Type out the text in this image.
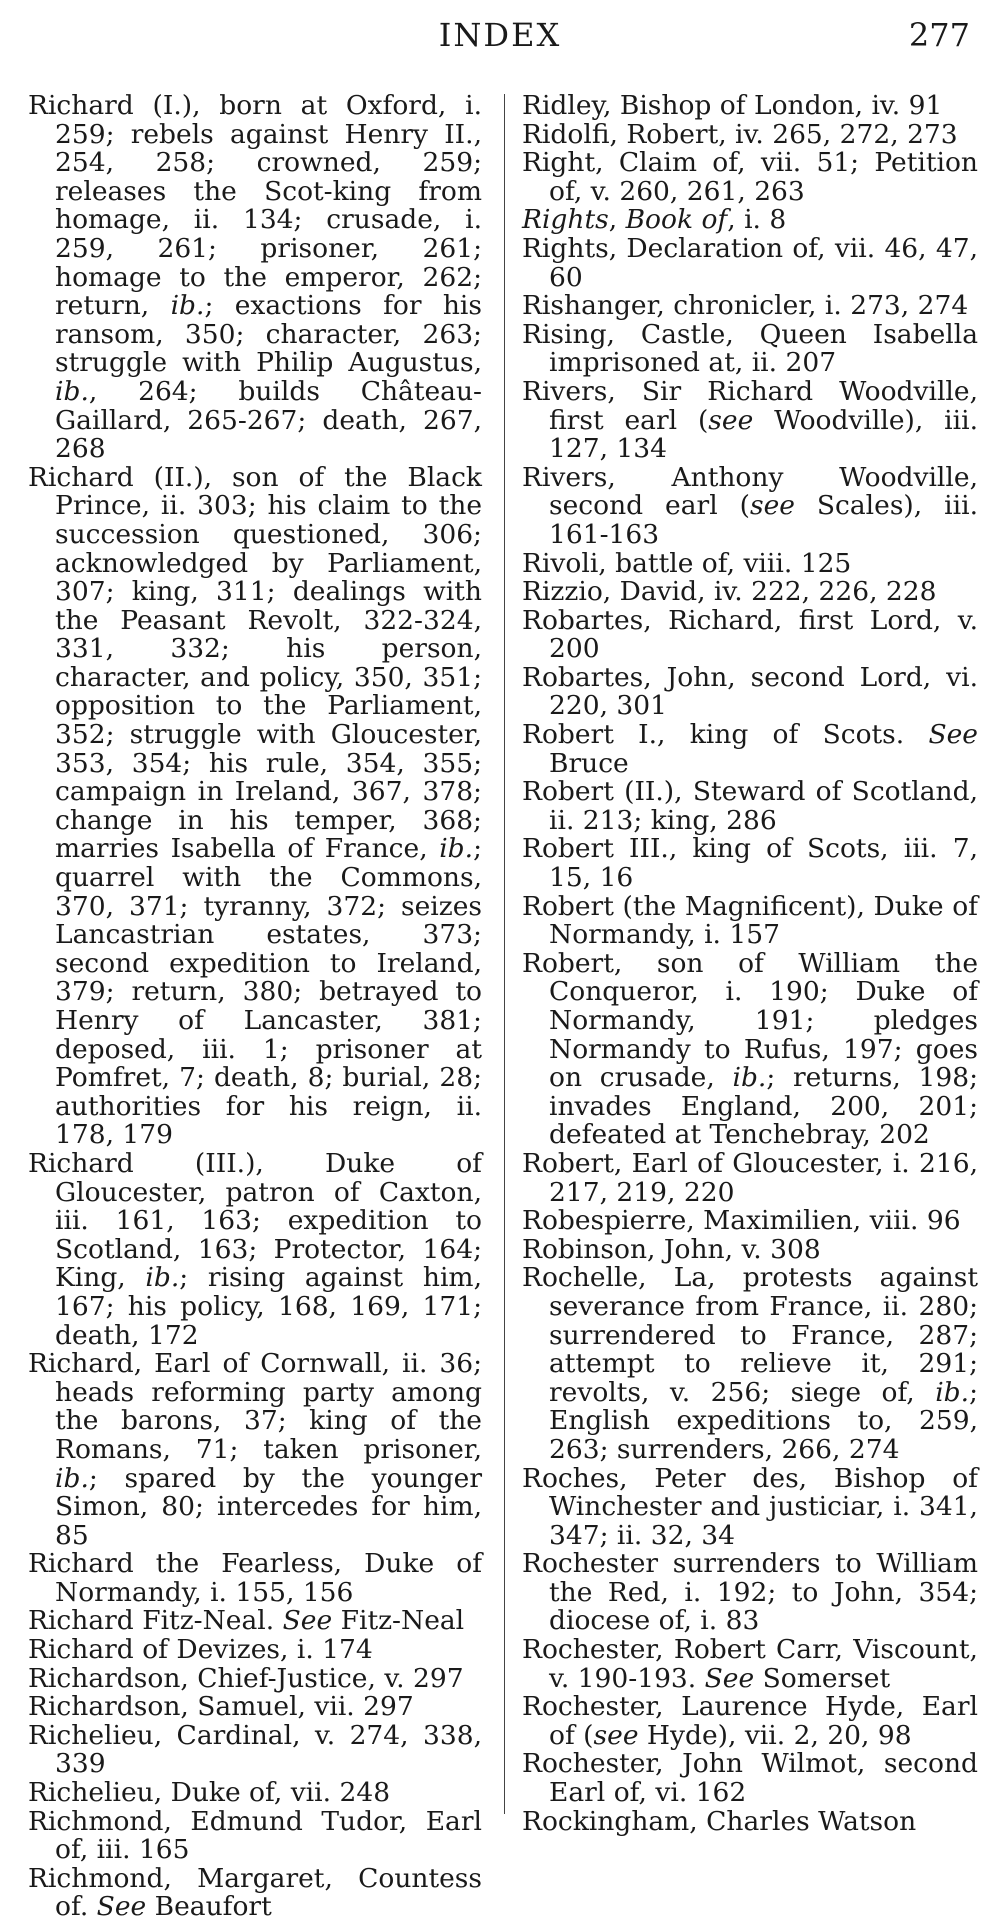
INDEX	277
Richard (I.), born at Oxford, i. 259; rebels against Henry II., 254, 258; crowned, 259; releases the Scot-king from homage, ii. 134; crusade, i. 259, 261; prisoner, 261; homage to the emperor, 262; return, ib.; exactions for his ransom, 350; character, 263; struggle with Philip Augustus, ib., 264; builds Château-Gaillard, 265-267; death, 267, 268
Richard (II.), son of the Black Prince, ii. 303; his claim to the succession questioned, 306; acknowledged by Parliament, 307; king, 311; dealings with the Peasant Revolt, 322-324, 331, 332; his person, character, and policy, 350, 351; opposition to the Parliament, 352; struggle with Gloucester, 353, 354; his rule, 354, 355; campaign in Ireland, 367, 378; change in his temper, 368; marries Isabella of France, ib.; quarrel with the Commons, 370, 371; tyranny, 372; seizes Lancastrian estates, 373; second expedition to Ireland, 379; return, 380; betrayed to Henry of Lancaster, 381; deposed, iii. 1; prisoner at Pomfret, 7; death, 8; burial, 28; authorities for his reign, ii. 178, 179
Richard (III.), Duke of Gloucester, patron of Caxton, iii. 161, 163; expedition to Scotland, 163; Protector, 164; King, ib.; rising against him, 167; his policy, 168, 169, 171; death, 172
Richard, Earl of Cornwall, ii. 36; heads reforming party among the barons, 37; king of the Romans, 71; taken prisoner, ib.; spared by the younger Simon, 80; intercedes for him, 85
Richard the Fearless, Duke of Normandy, i. 155, 156
Richard Fitz-Neal. See Fitz-Neal
Richard of Devizes, i. 174
Richardson, Chief-Justice, v. 297
Richardson, Samuel, vii. 297
Richelieu, Cardinal, v. 274, 338, 339
Richelieu, Duke of, vii. 248
Richmond, Edmund Tudor, Earl of, iii. 165
Richmond, Margaret, Countess of. See Beaufort
Ridley, Bishop of London, iv. 91
Ridolfi, Robert, iv. 265, 272, 273
Right, Claim of, vii. 51; Petition of, v. 260, 261, 263
Rights, Book of, i. 8
Rights, Declaration of, vii. 46, 47, 60
Rishanger, chronicler, i. 273, 274
Rising, Castle, Queen Isabella imprisoned at, ii. 207
Rivers, Sir Richard Woodville, first earl (see Woodville), iii. 127, 134
Rivers, Anthony Woodville, second earl (see Scales), iii. 161-163
Rivoli, battle of, viii. 125
Rizzio, David, iv. 222, 226, 228
Robartes, Richard, first Lord, v. 200
Robartes, John, second Lord, vi. 220, 301
Robert I., king of Scots. See Bruce
Robert (II.), Steward of Scotland, ii. 213; king, 286
Robert III., king of Scots, iii. 7, 15, 16
Robert (the Magnificent), Duke of Normandy, i. 157
Robert, son of William the Conqueror, i. 190; Duke of Normandy, 191; pledges Normandy to Rufus, 197; goes on crusade, ib.; returns, 198; invades England, 200, 201; defeated at Tenchebray, 202
Robert, Earl of Gloucester, i. 216, 217, 219, 220
Robespierre, Maximilien, viii. 96
Robinson, John, v. 308
Rochelle, La, protests against severance from France, ii. 280; surrendered to France, 287; attempt to relieve it, 291; revolts, v. 256; siege of, ib.; English expeditions to, 259, 263; surrenders, 266, 274
Roches, Peter des, Bishop of Winchester and justiciar, i. 341, 347; ii. 32, 34
Rochester surrenders to William the Red, i. 192; to John, 354; diocese of, i. 83
Rochester, Robert Carr, Viscount, v. 190-193. See Somerset
Rochester, Laurence Hyde, Earl of (see Hyde), vii. 2, 20, 98
Rochester, John Wilmot, second Earl of, vi. 162
Rockingham, Charles Watson
